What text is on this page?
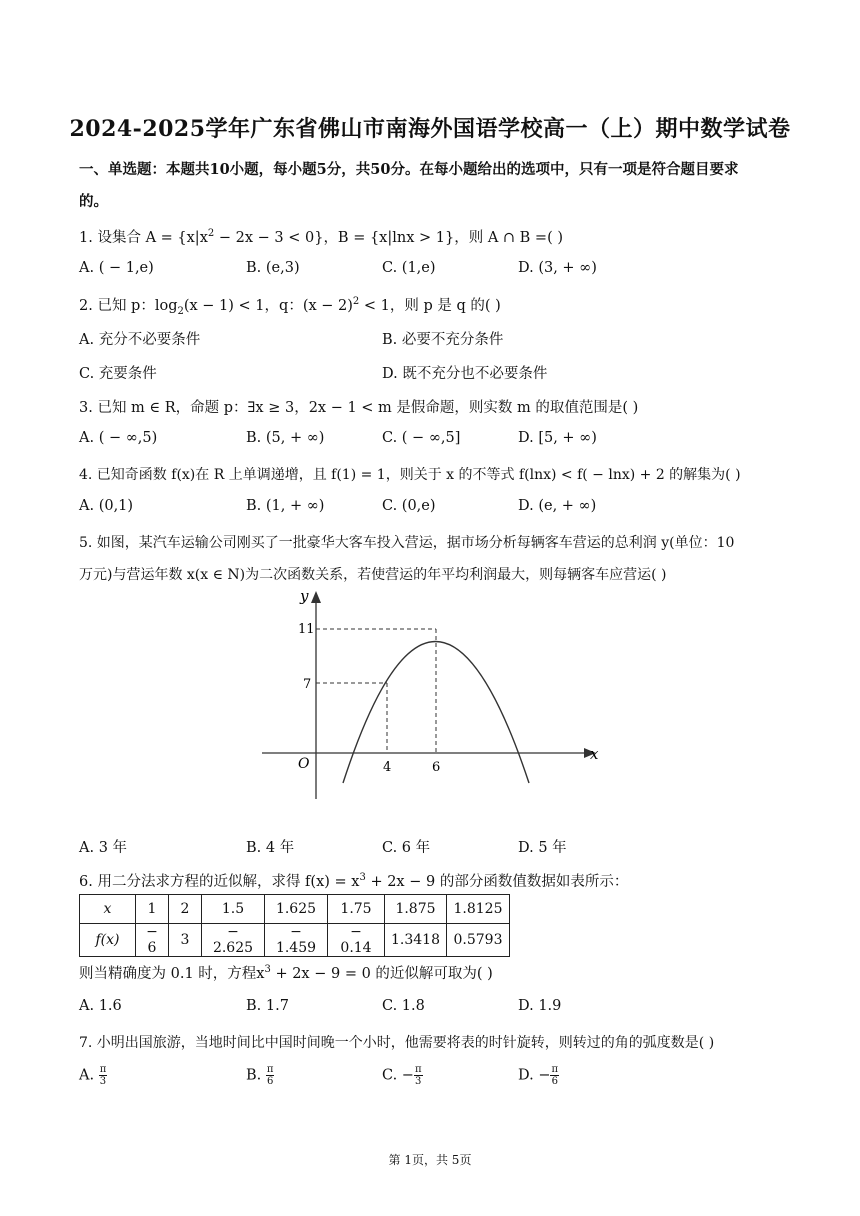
2024-2025学年广东省佛山市南海外国语学校高一（上）期中数学试卷
一、单选题：本题共10小题，每小题5分，共50分。在每小题给出的选项中，只有一项是符合题目要求
的。
1. 设集合 $A = \{x|x^2 - 2x - 3 < 0\}$，B = {x|lnx > 1}，则 A ∩ B =( )
A. ( − 1,e)	B. (e,3)	C. (1,e)	D. (3, + ∞)
2. 已知 p：$\log_2(x - 1) < 1$，q：$(x - 2)^2 < 1$，则 p 是 q 的( )
A. 充分不必要条件	B. 必要不充分条件
C. 充要条件	D. 既不充分也不必要条件
3. 已知 m ∈ R，命题 p：∃x ≥ 3，2x − 1 < m 是假命题，则实数 m 的取值范围是( )
A. ( − ∞,5)	B. (5, + ∞)	C. ( − ∞,5]	D. [5, + ∞)
4. 已知奇函数 f(x)在 R 上单调递增，且 f(1) = 1，则关于 x 的不等式 f(lnx) < f( − lnx) + 2 的解集为( )
A. (0,1)	B. (1, + ∞)	C. (0,e)	D. (e, + ∞)
5. 如图，某汽车运输公司刚买了一批豪华大客车投入营运，据市场分析每辆客车营运的总利润 y(单位：10
万元)与营运年数 x(x ∈ N)为二次函数关系，若使营运的年平均利润最大，则每辆客车应营运( )
y
x
O
11
7
4	6
A. 3 年	B. 4 年	C. 6 年	D. 5 年
6. 用二分法求方程的近似解，求得 $f(x) = x^3 + 2x - 9$ 的部分函数值数据如表所示：
x	1	2	1.5	1.625	1.75	1.875	1.8125
f(x)	− 6	3	− 2.625	− 1.459	− 0.14	1.3418	0.5793
则当精确度为 0.1 时，方程$x^3 + 2x - 9 = 0$ 的近似解可取为( )
A. 1.6	B. 1.7	C. 1.8	D. 1.9
7. 小明出国旅游，当地时间比中国时间晚一个小时，他需要将表的时针旋转，则转过的角的弧度数是( )
A. $\frac{\pi}{3}$	B. $\frac{\pi}{6}$	C. − $\frac{\pi}{3}$	D. − $\frac{\pi}{6}$
第 1页，共 5页
